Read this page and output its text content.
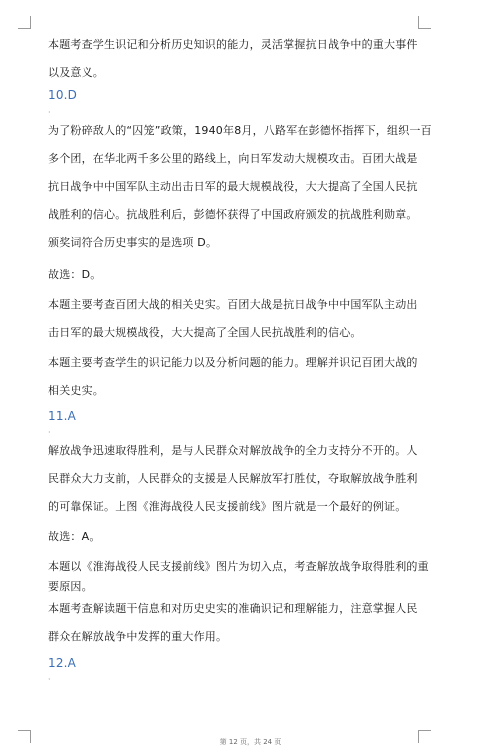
本题考查学生识记和分析历史知识的能力，灵活掌握抗日战争中的重大事件
以及意义。
10.D
·
为了粉碎敌人的“囚笼”政策，1940年8月，八路军在彭德怀指挥下，组织一百
多个团，在华北两千多公里的路线上，向日军发动大规模攻击。百团大战是
抗日战争中中国军队主动出击日军的最大规模战役，大大提高了全国人民抗
战胜利的信心。抗战胜利后，彭德怀获得了中国政府颁发的抗战胜利勋章。
颁奖词符合历史事实的是选项 D。
故选：D。
本题主要考查百团大战的相关史实。百团大战是抗日战争中中国军队主动出
击日军的最大规模战役，大大提高了全国人民抗战胜利的信心。
本题主要考查学生的识记能力以及分析问题的能力。理解并识记百团大战的
相关史实。
11.A
·
解放战争迅速取得胜利，是与人民群众对解放战争的全力支持分不开的。人
民群众大力支前，人民群众的支援是人民解放军打胜仗，夺取解放战争胜利
的可靠保证。上图《淮海战役人民支援前线》图片就是一个最好的例证。
故选：A。
本题以《淮海战役人民支援前线》图片为切入点，考查解放战争取得胜利的重
要原因。
本题考查解读题干信息和对历史史实的准确识记和理解能力，注意掌握人民
群众在解放战争中发挥的重大作用。
12.A
·
第 12 页，共 24 页
